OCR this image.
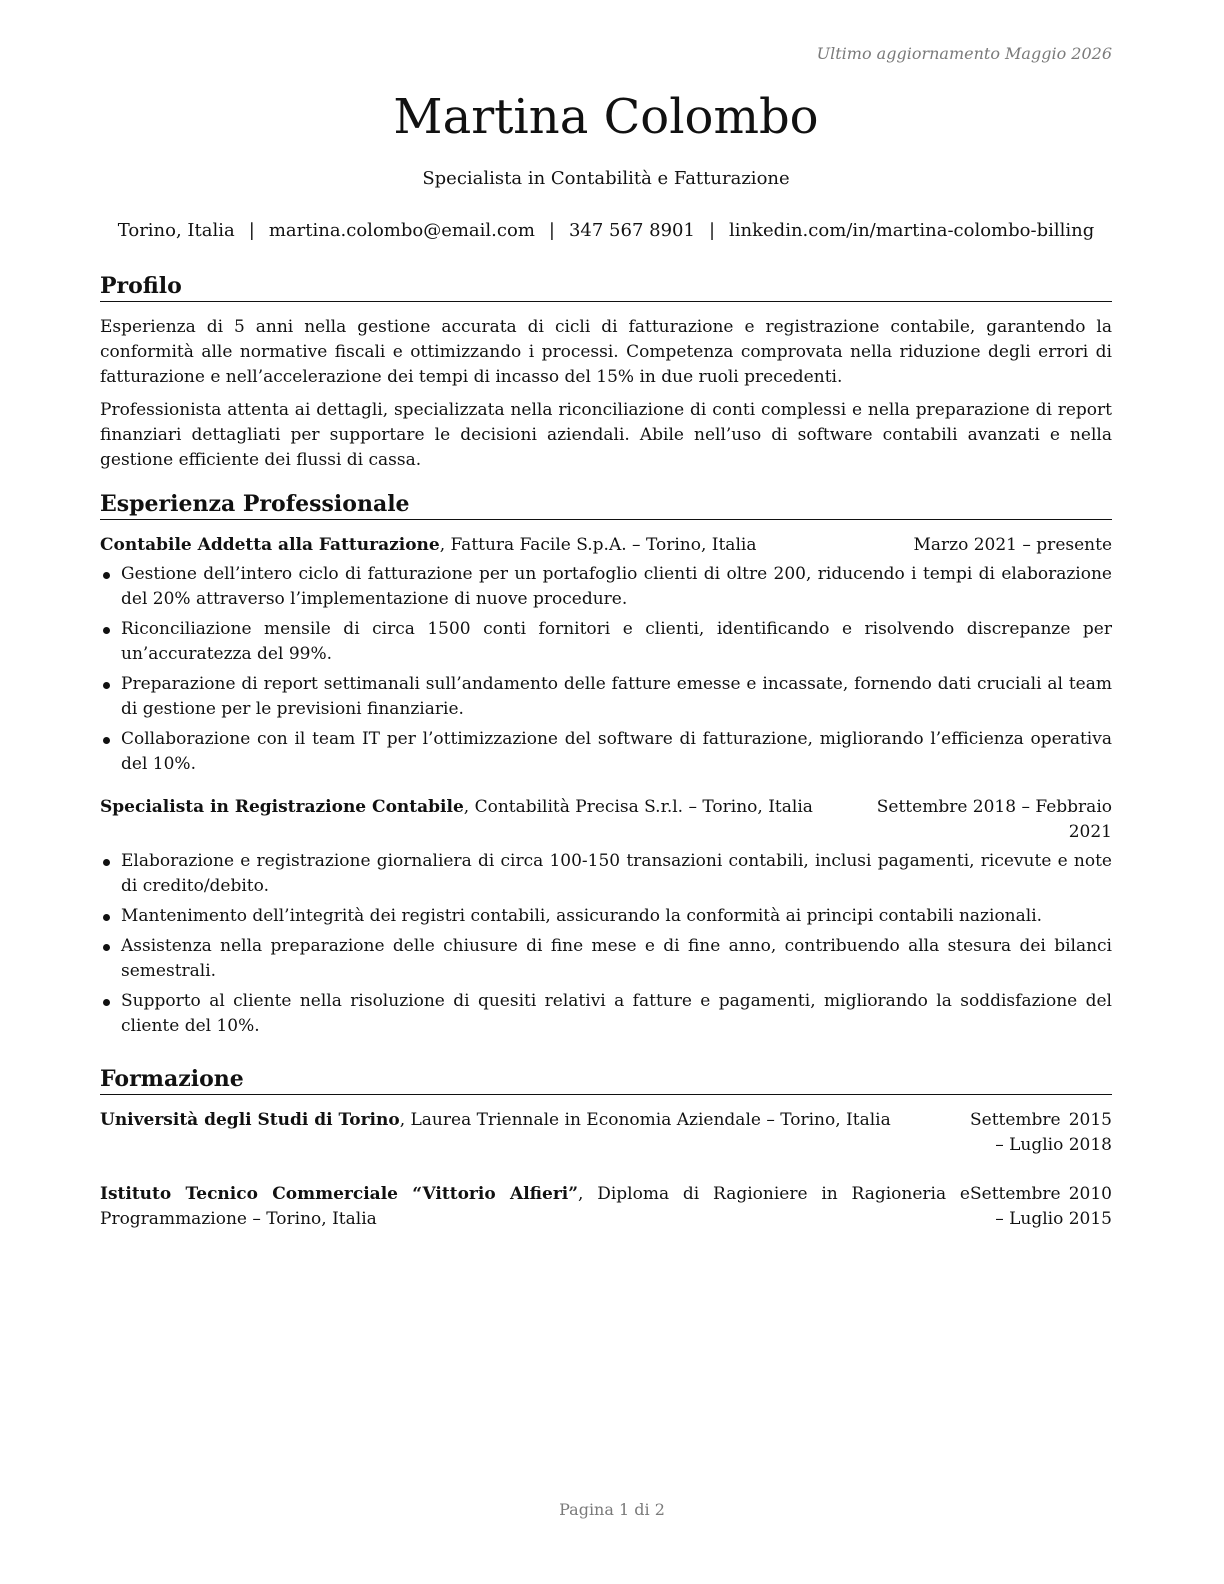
Ultimo aggiornamento Maggio 2026
Martina Colombo
Specialista in Contabilità e Fatturazione
Torino, Italia | martina.colombo@email.com | 347 567 8901 | linkedin.com/in/martina-colombo-billing
Profilo

Esperienza di 5 anni nella gestione accurata di cicli di fatturazione e registrazione contabile, garantendo la conformità alle normative fiscali e ottimizzando i processi. Competenza comprovata nella riduzione degli errori di fatturazione e nell’accelerazione dei tempi di incasso del 15% in due ruoli precedenti.

Professionista attenta ai dettagli, specializzata nella riconciliazione di conti complessi e nella preparazione di report finanziari dettagliati per supportare le decisioni aziendali. Abile nell’uso di software contabili avanzati e nella gestione efficiente dei flussi di cassa.

Esperienza Professionale
Contabile Addetta alla Fatturazione, Fattura Facile S.p.A. – Torino, Italia	Marzo 2021 – presente
Gestione dell’intero ciclo di fatturazione per un portafoglio clienti di oltre 200, riducendo i tempi di elaborazione del 20% attraverso l’implementazione di nuove procedure.
Riconciliazione mensile di circa 1500 conti fornitori e clienti, identificando e risolvendo discrepanze per un’accuratezza del 99%.
Preparazione di report settimanali sull’andamento delle fatture emesse e incassate, fornendo dati cruciali al team di gestione per le previsioni finanziarie.
Collaborazione con il team IT per l’ottimizzazione del software di fatturazione, migliorando l’efficienza operativa del 10%.
Specialista in Registrazione Contabile, Contabilità Precisa S.r.l. – Torino, Italia	Settembre 2018 – Febbraio 2021
Elaborazione e registrazione giornaliera di circa 100-150 transazioni contabili, inclusi pagamenti, ricevute e note di credito/debito.
Mantenimento dell’integrità dei registri contabili, assicurando la conformità ai principi contabili nazionali.
Assistenza nella preparazione delle chiusure di fine mese e di fine anno, contribuendo alla stesura dei bilanci semestrali.
Supporto al cliente nella risoluzione di quesiti relativi a fatture e pagamenti, migliorando la soddisfazione del cliente del 10%.
Formazione
Università degli Studi di Torino, Laurea Triennale in Economia Aziendale – Torino, Italia	Settembre 2015 – Luglio 2018
Istituto Tecnico Commerciale “Vittorio Alfieri”, Diploma di Ragioniere in Ragioneria e Programmazione – Torino, Italia
Settembre 2010 – Luglio 2015
Pagina 1 di 2
